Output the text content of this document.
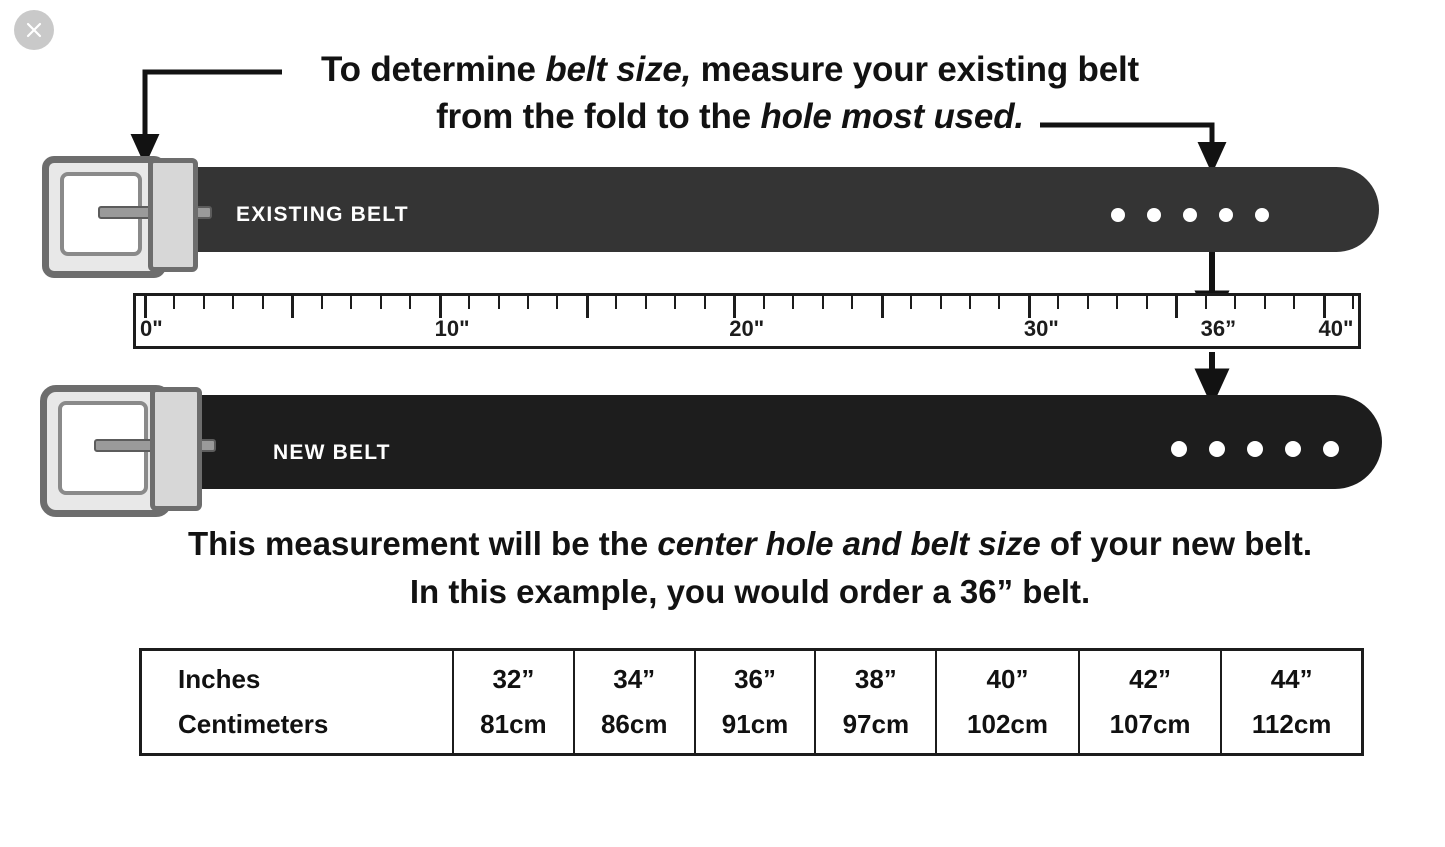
To determine belt size, measure your existing belt
from the fold to the hole most used.
EXISTING BELT
0ʺ	10ʺ	20ʺ	30ʺ	36”	40ʺ
NEW BELT
This measurement will be the center hole and belt size of your new belt.
In this example, you would order a 36” belt.
Inches	32”	34”	36”	38”	40”	42”	44”
Centimeters	81cm	86cm	91cm	97cm	102cm	107cm	112cm
